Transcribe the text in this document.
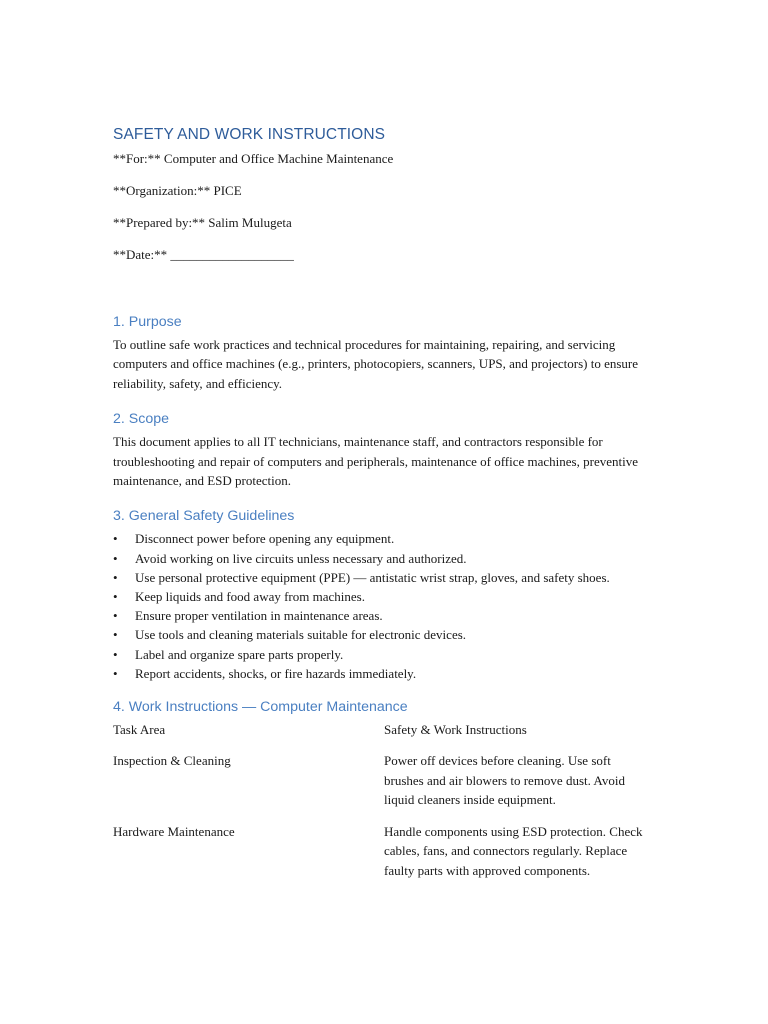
SAFETY AND WORK INSTRUCTIONS

**For:** Computer and Office Machine Maintenance

**Organization:** PICE

**Prepared by:** Salim Mulugeta

**Date:** ___________________

1. Purpose

To outline safe work practices and technical procedures for maintaining, repairing, and servicing computers and office machines (e.g., printers, photocopiers, scanners, UPS, and projectors) to ensure reliability, safety, and efficiency.

2. Scope

This document applies to all IT technicians, maintenance staff, and contractors responsible for troubleshooting and repair of computers and peripherals, maintenance of office machines, preventive maintenance, and ESD protection.

3. General Safety Guidelines
• Disconnect power before opening any equipment.
• Avoid working on live circuits unless necessary and authorized.
• Use personal protective equipment (PPE) — antistatic wrist strap, gloves, and safety shoes.
• Keep liquids and food away from machines.
• Ensure proper ventilation in maintenance areas.
• Use tools and cleaning materials suitable for electronic devices.
• Label and organize spare parts properly.
• Report accidents, shocks, or fire hazards immediately.
4. Work Instructions — Computer Maintenance
Task Area	Safety & Work Instructions
Inspection & Cleaning	Power off devices before cleaning. Use soft brushes and air blowers to remove dust. Avoid liquid cleaners inside equipment.
Hardware Maintenance	Handle components using ESD protection. Check cables, fans, and connectors regularly. Replace faulty parts with approved components.
